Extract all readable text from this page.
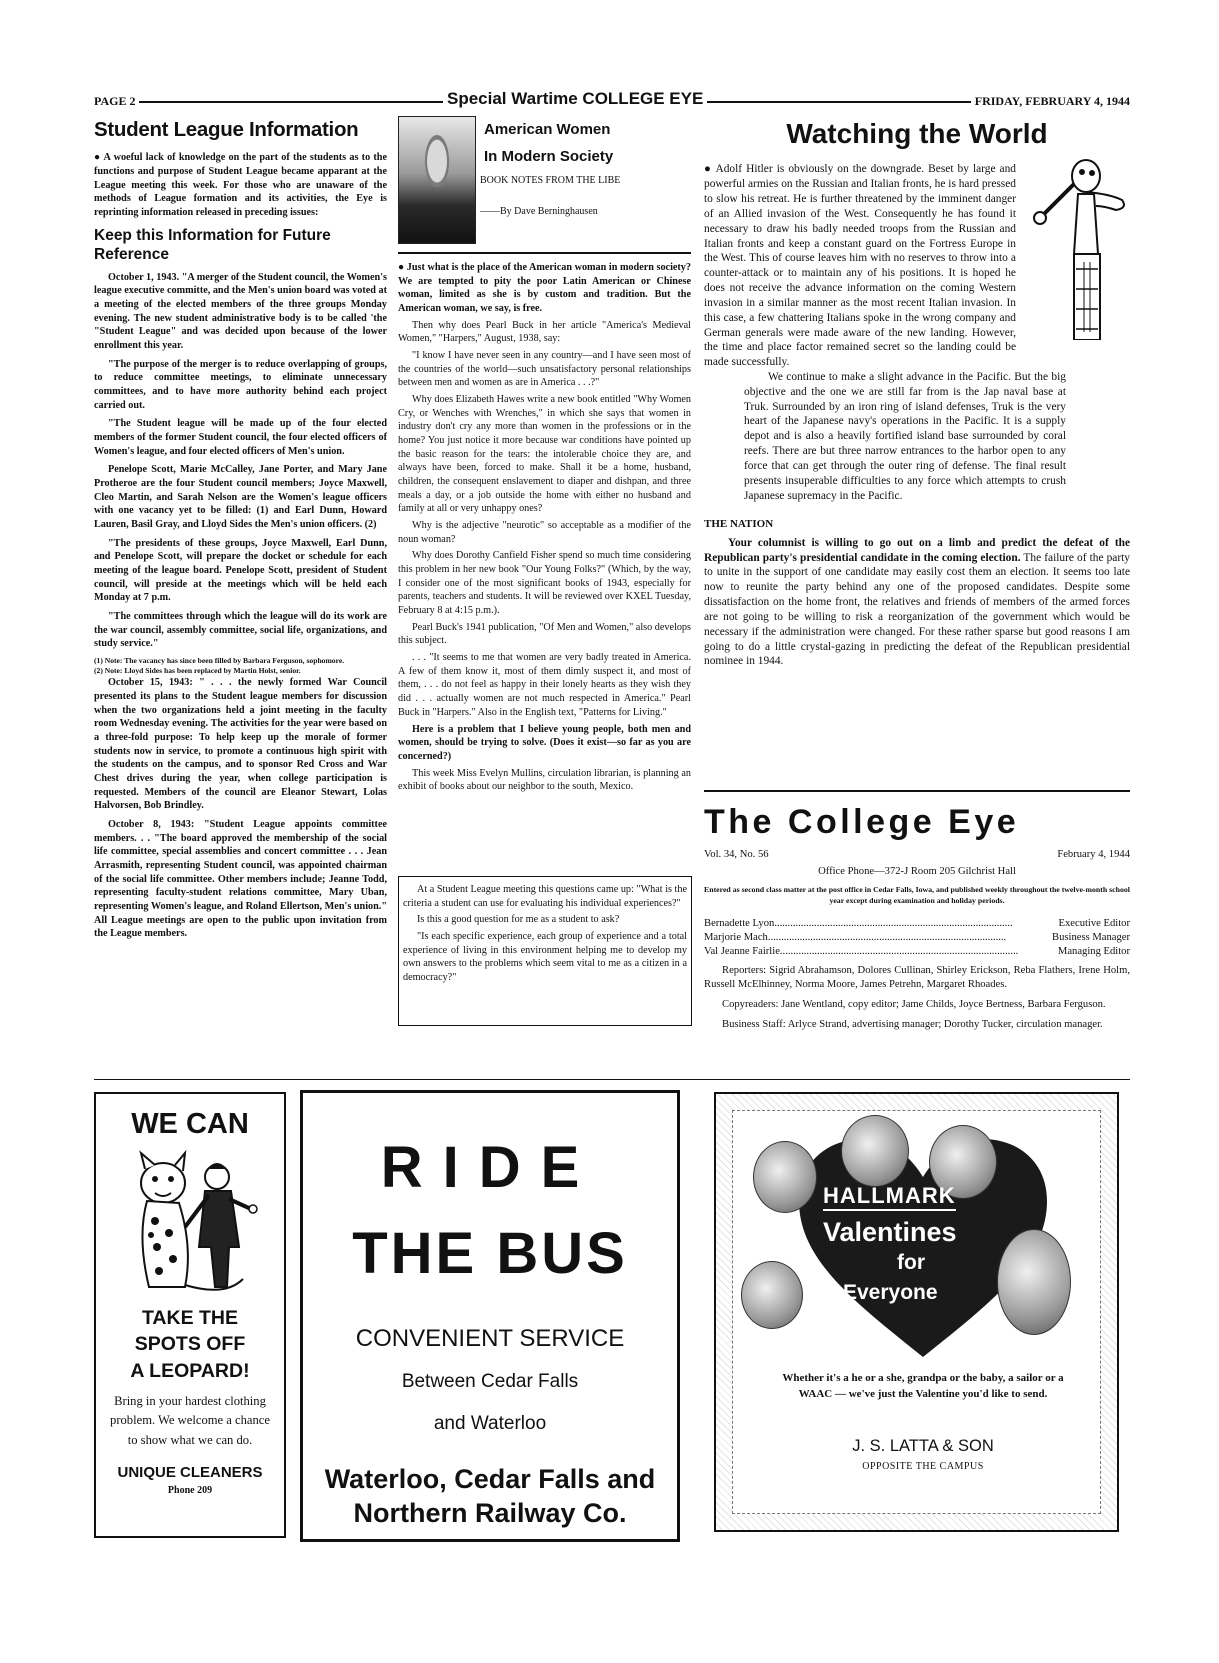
PAGE 2	Special Wartime COLLEGE EYE	FRIDAY, FEBRUARY 4, 1944
Student League Information

● A woeful lack of knowledge on the part of the students as to the functions and purpose of Student League became apparant at the League meeting this week. For those who are unaware of the methods of League formation and its activities, the Eye is reprinting information released in preceding issues:

Keep this Information for Future Reference

October 1, 1943. "A merger of the Student council, the Women's league executive committe, and the Men's union board was voted at a meeting of the elected members of the three groups Monday evening. The new student administrative body is to be called 'the "Student League" and was decided upon because of the lower enrollment this year.

"The purpose of the merger is to reduce overlapping of groups, to reduce committee meetings, to eliminate unnecessary committees, and to have more authority behind each project carried out.

"The Student league will be made up of the four elected members of the former Student council, the four elected officers of Women's league, and four elected officers of Men's union.

Penelope Scott, Marie McCalley, Jane Porter, and Mary Jane Protheroe are the four Student council members; Joyce Maxwell, Cleo Martin, and Sarah Nelson are the Women's league officers with one vacancy yet to be filled: (1) and Earl Dunn, Howard Lauren, Basil Gray, and Lloyd Sides the Men's union officers. (2)

"The presidents of these groups, Joyce Maxwell, Earl Dunn, and Penelope Scott, will prepare the docket or schedule for each meeting of the league board. Penelope Scott, president of Student council, will preside at the meetings which will be held each Monday at 7 p.m.

"The committees through which the league will do its work are the war council, assembly committee, social life, organizations, and study service."

(1) Note: The vacancy has since been filled by Barbara Ferguson, sophomore.

(2) Note: Lloyd Sides has been replaced by Martin Holst, senior.

October 15, 1943: " . . . the newly formed War Council presented its plans to the Student league members for discussion when the two organizations held a joint meeting in the faculty room Wednesday evening. The activities for the year were based on a three-fold purpose: To help keep up the morale of former students now in service, to promote a continuous high spirit with the students on the campus, and to sponsor Red Cross and War Chest drives during the year, when college participation is requested. Members of the council are Eleanor Stewart, Lolas Halvorsen, Bob Brindley.

October 8, 1943: "Student League appoints committee members. . . "The board approved the membership of the social life committee, special assemblies and concert committee . . . Jean Arrasmith, representing Student council, was appointed chairman of the social life committee. Other members include; Jeanne Todd, representing faculty-student relations committee, Mary Uban, representing Women's league, and Roland Ellertson, Men's union." All League meetings are open to the public upon invitation from the League members.

American Women
In Modern Society
BOOK NOTES FROM THE LIBE
——By Dave Berninghausen

● Just what is the place of the American woman in modern society? We are tempted to pity the poor Latin American or Chinese woman, limited as she is by custom and tradition. But the American woman, we say, is free.

Then why does Pearl Buck in her article "America's Medieval Women," "Harpers," August, 1938, say:

"I know I have never seen in any country—and I have seen most of the countries of the world—such unsatisfactory personal relationships between men and women as are in America . . .?"

Why does Elizabeth Hawes write a new book entitled "Why Women Cry, or Wenches with Wrenches," in which she says that women in industry don't cry any more than women in the professions or in the home? You just notice it more because war conditions have pointed up the basic reason for the tears: the intolerable choice they are, and always have been, forced to make. Shall it be a home, husband, children, the consequent enslavement to diaper and dishpan, and three meals a day, or a job outside the home with either no husband and family at all or very unhappy ones?

Why is the adjective "neurotic" so acceptable as a modifier of the noun woman?

Why does Dorothy Canfield Fisher spend so much time considering this problem in her new book "Our Young Folks?" (Which, by the way, I consider one of the most significant books of 1943, especially for parents, teachers and students. It will be reviewed over KXEL Tuesday, February 8 at 4:15 p.m.).

Pearl Buck's 1941 publication, "Of Men and Women," also develops this subject.

. . . "It seems to me that women are very badly treated in America. A few of them know it, most of them dimly suspect it, and most of them, . . . do not feel as happy in their lonely hearts as they wish they did . . . actually women are not much respected in America." Pearl Buck in "Harpers." Also in the English text, "Patterns for Living."

Here is a problem that I believe young people, both men and women, should be trying to solve. (Does it exist—so far as you are concerned?)

This week Miss Evelyn Mullins, circulation librarian, is planning an exhibit of books about our neighbor to the south, Mexico.

At a Student League meeting this questions came up: "What is the criteria a student can use for evaluating his individual experiences?"

Is this a good question for me as a student to ask?

"Is each specific experience, each group of experience and a total experience of living in this environment helping me to develop my own answers to the problems which seem vital to me as a citizen in a democracy?"

Watching the World

● Adolf Hitler is obviously on the downgrade. Beset by large and powerful armies on the Russian and Italian fronts, he is hard pressed to slow his retreat. He is further threatened by the imminent danger of an Allied invasion of the West. Consequently he has found it necessary to draw his badly needed troops from the Russian and Italian fronts and keep a constant guard on the Fortress Europe in the West. This of course leaves him with no reserves to throw into a counter-attack or to maintain any of his positions. It is hoped he does not receive the advance information on the coming Western invasion in a similar manner as the most recent Italian invasion. In this case, a few chattering Italians spoke in the wrong company and German generals were made aware of the new landing. However, the time and place factor remained secret so the landing could be made successfully.

We continue to make a slight advance in the Pacific. But the big objective and the one we are still far from is the Jap naval base at Truk. Surrounded by an iron ring of island defenses, Truk is the very heart of the Japanese navy's operations in the Pacific. It is a supply depot and is also a heavily fortified island base surrounded by coral reefs. There are but three narrow entrances to the harbor open to any force that can get through the outer ring of defense. The final result presents insuperable difficulties to any force which attempts to crush Japanese supremacy in the Pacific.

THE NATION

Your columnist is willing to go out on a limb and predict the defeat of the Republican party's presidential candidate in the coming election. The failure of the party to unite in the support of one candidate may easily cost them an election. It seems too late now to reunite the party behind any one of the proposed candidates. Despite some dissatisfaction on the home front, the relatives and friends of members of the armed forces are not going to be willing to risk a reorganization of the government which would be necessary if the administration were changed. For these rather sparse but good reasons I am going to do a little crystal-gazing in predicting the defeat of the Republican presidential nominee in 1944.

The College Eye
Vol. 34, No. 56	February 4, 1944
Office Phone—372-J Room 205 Gilchrist Hall
Entered as second class matter at the post office in Cedar Falls, Iowa, and published weekly throughout the twelve-month school year except during examination and holiday periods.
Bernadette Lyon ..........................................................................................	Executive Editor
Marjorie Mach ..........................................................................................	Business Manager
Val Jeanne Fairlie ..........................................................................................	Managing Editor

Reporters: Sigrid Abrahamson, Dolores Cullinan, Shirley Erickson, Reba Flathers, Irene Holm, Russell McElhinney, Norma Moore, James Petrehn, Margaret Rhoades.

Copyreaders: Jane Wentland, copy editor; Jame Childs, Joyce Bertness, Barbara Ferguson.

Business Staff: Arlyce Strand, advertising manager; Dorothy Tucker, circulation manager.

WE CAN
TAKE THE
SPOTS OFF
A LEOPARD!
Bring in your hardest clothing problem. We welcome a chance to show what we can do.
UNIQUE CLEANERS
Phone 209
RIDE
THE BUS
CONVENIENT SERVICE
Between Cedar Falls
and Waterloo
Waterloo, Cedar Falls and
Northern Railway Co.
HALLMARK
Valentines
for
Everyone
Whether it's a he or a she, grandpa or the baby, a sailor or a WAAC — we've just the Valentine you'd like to send.
J. S. LATTA & SON
OPPOSITE THE CAMPUS
